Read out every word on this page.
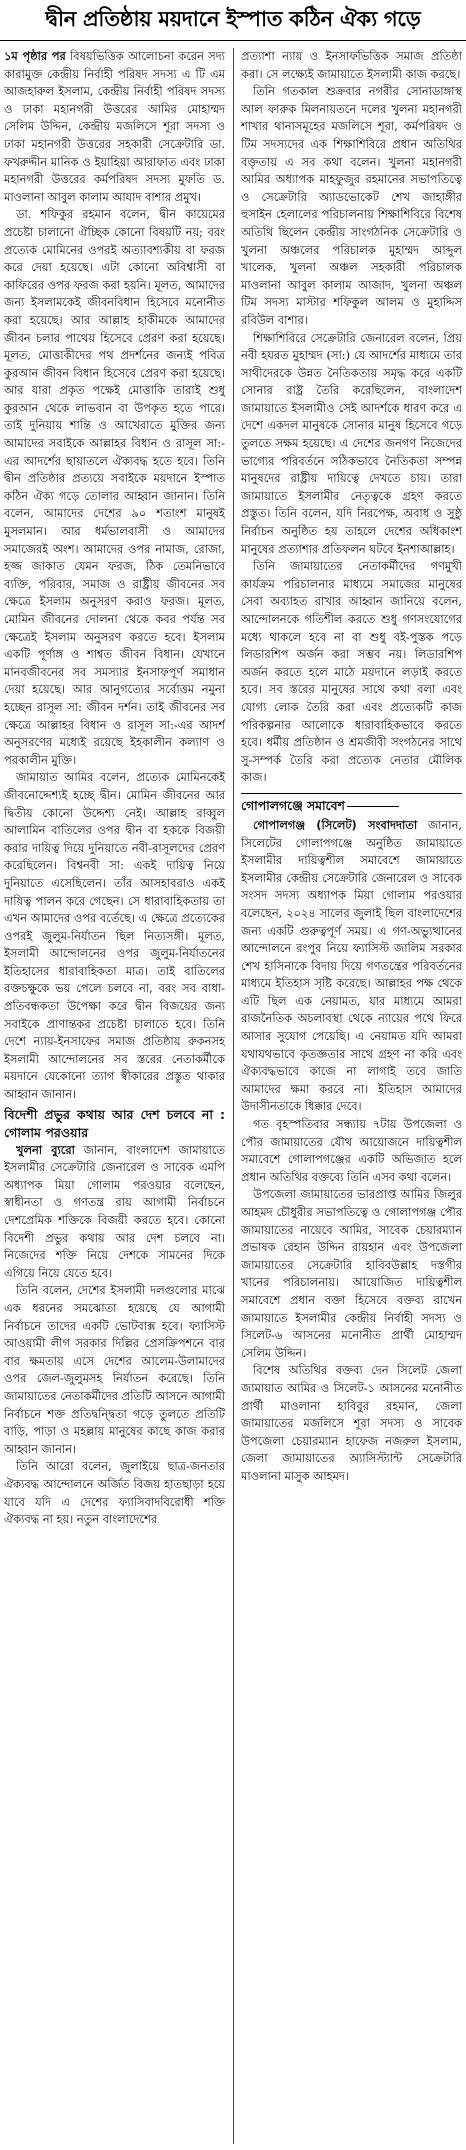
দ্বীন প্রতিষ্ঠায় ময়দানে ইস্পাত কঠিন ঐক্য গড়ে

১ম পৃষ্ঠার পর বিষয়ভিত্তিক আলোচনা করেন সদ্য কারামুক্ত কেন্দ্রীয় নির্বাহী পরিষদ সদস্য এ টি এম আজহারুল ইসলাম, কেন্দ্রীয় নির্বাহী পরিষদ সদস্য ও ঢাকা মহানগরী উত্তরের আমির মোহাম্মদ সেলিম উদ্দিন, কেন্দ্রীয় মজলিসে শূরা সদস্য ও ঢাকা মহানগরী উত্তরের সহকারী সেক্রেটারি ডা. ফখরুদ্দীন মানিক ও ইয়াহিয়া আরাফাত এবং ঢাকা মহানগরী উত্তরের কর্মপরিষদ সদস্য মুফতি ড. মাওলানা আবুল কালাম আযাদ বাশার প্রমুখ।

ডা. শফিকুর রহমান বলেন, দ্বীন কায়েমের প্রচেষ্টা চালানো ঐচ্ছিক কোনো বিষয়টি নয়; বরং প্রত্যেক মোমিনের ওপরই অত্যাবশ্যকীয় বা ফরজ করে দেয়া হয়েছে। এটা কোনো অবিশ্বাসী বা কাফিরের ওপর ফরজ করা হয়নি। মূলত, আমাদের জন্য ইসলামকেই জীবনবিধান হিসেবে মনোনীত করা হয়েছে। আর আল্লাহ হাকীমকে আমাদের জীবন চলার পাথেয় হিসেবে প্রেরণ করা হয়েছে। মূলত, মোত্তাকীদের পথ প্রদর্শনের জন্যই পবিত্র কুরআন জীবন বিধান হিসেবে প্রেরণ করা হয়েছে। আর যারা প্রকৃত পক্ষেই মোত্তাকি তারাই শুধু কুরআন থেকে লাভবান বা উপকৃত হতে পারে। তাই দুনিয়ায় শান্তি ও আখেরাতে মুক্তির জন্য আমাদের সবাইকে আল্লাহর বিধান ও রাসূল সা:-এর আদর্শের ছায়াতলে ঐক্যবদ্ধ হতে হবে। তিনি দ্বীন প্রতিষ্ঠার প্রত্যয়ে সবাইকে ময়দানে ইস্পাত কঠিন ঐক্য গড়ে তোলার আহ্বান জানান। তিনি বলেন, আমাদের দেশের ৯০ শতাংশ মানুষই মুসলমান। আর ধর্মভালবাসী ও আমাদের সমাজেরই অংশ। আমাদের ওপর নামাজ, রোজা, হজ্জ জাকাত যেমন ফরজ, ঠিক তেমনিভাবে ব্যক্তি, পরিবার, সমাজ ও রাষ্ট্রীয় জীবনের সব ক্ষেত্রে ইসলাম অনুসরণ করাও ফরজ। মূলত, মোমিন জীবনের দোলনা থেকে কবর পর্যন্ত সব ক্ষেত্রেই ইসলাম অনুসরণ করতে হবে। ইসলাম একটি পূর্ণাঙ্গ ও শাশ্বত জীবন বিধান। যেখানে মানবজীবনের সব সমস্যার ইনসাফপূর্ণ সমাধান দেয়া হয়েছে। আর আনুগত্যের সর্বোত্তম নমুনা হচ্ছেন রাসূল সা: জীবন দর্শন। তাই জীবনের সব ক্ষেত্রে আল্লাহর বিধান ও রাসূল সা:-এর আদর্শ অনুসরণের মধ্যেই রয়েছে ইহকালীন কল্যাণ ও পরকালীন মুক্তি।

জামায়াত আমির বলেন, প্রত্যেক মোমিনকেই জীবনোদ্দেশ্যই হচ্ছে দ্বীন। মোমিন জীবনের আর দ্বিতীয় কোনো উদ্দেশ্য নেই। আল্লাহ রাব্বুল আলামিন বাতিলের ওপর দ্বীন বা হককে বিজয়ী করার দায়িত্ব দিয়ে দুনিয়াতে নবী-রাসূলদের প্রেরণ করেছিলেন। বিশ্বনবী সা: একই দায়িত্ব নিয়ে দুনিয়াতে এসেছিলেন। তাঁর আসহাবরাও একই দায়িত্ব পালন করে গেছেন। সে ধারাবাহিকতায় তা এখন আমাদের ওপর বর্তেছে। এ ক্ষেত্রে প্রত্যেকের ওপরই জুলুম-নির্যাতন ছিল নিত্যসঙ্গী। মূলত, ইসলামী আন্দোলনের ওপর জুলুম-নির্যাতনের ইতিহাসের ধারাবাহিকতা মাত্র। তাই বাতিলের রক্তচক্ষুকে ভয় পেলে চলবে না, বরং সব বাধা-প্রতিবন্ধকতা উপেক্ষা করে দ্বীন বিজয়ের জন্য সবাইকে প্রাণান্তকর প্রচেষ্টা চালাতে হবে। তিনি দেশে ন্যায়-ইনসাফের সমাজ প্রতিষ্ঠায় রুকনসহ ইসলামী আন্দোলনের সব স্তরের নেতাকর্মীকে ময়দানে যেকোনো ত্যাগ স্বীকারের প্রস্তুত থাকার আহ্বান জানান।

বিদেশী প্রভুর কথায় আর দেশ চলবে না : গোলাম পরওয়ার

খুলনা ব্যুরো জানান, বাংলাদেশ জামায়াতে ইসলামীর সেক্রেটারি জেনারেল ও সাবেক এমপি অধ্যাপক মিয়া গোলাম পরওয়ার বলেছেন, স্বাধীনতা ও গণতন্ত্র রায় আগামী নির্বাচনে দেশপ্রেমিক শক্তিকে বিজয়ী করতে হবে। কোনো বিদেশী প্রভুর কথায় আর দেশ চলবে না। নিজেদের শক্তি নিয়ে দেশকে সামনের দিকে এগিয়ে নিয়ে যেতে হবে।

তিনি বলেন, দেশের ইসলামী দলগুলোর মাঝে এক ধরনের সমঝোতা হয়েছে যে আগামী নির্বাচনে তাদের একটি ভোটবাক্স হবে। ফ্যাসিস্ট আওয়ামী লীগ সরকার দিল্লির প্রেসক্রিপশনে বার বার ক্ষমতায় এসে দেশের আলেম-উলামাদের ওপর জেল-জুলুমসহ নির্যাতন করেছে। তিনি জামায়াতের নেতাকর্মীদের প্রতিটি আসনে আগামী নির্বাচনে শক্ত প্রতিদ্বন্দ্বিতা গড়ে তুলতে প্রতিটি বাড়ি, পাড়া ও মহল্লায় মানুষের কাছে কাজ করার আহ্বান জানান।

তিনি আরো বলেন, জুলাইয়ে ছাত্র-জনতার ঐক্যবদ্ধ আন্দোলনে অর্জিত বিজয় হাতছাড়া হয়ে যাবে যদি এ দেশের ফ্যাসিবাদবিরোধী শক্তি ঐক্যবদ্ধ না হয়। নতুন বাংলাদেশের

প্রত্যাশা ন্যায় ও ইনসাফভিত্তিক সমাজ প্রতিষ্ঠা করা। সে লক্ষ্যেই জামায়াতে ইসলামী কাজ করছে।

তিনি গতকাল শুক্রবার নগরীর সোনাডাঙ্গাস্থ আল ফারুক মিলনায়তনে দলের খুলনা মহানগরী শাখার থানাসমূহের মজলিসে শূরা, কর্মপরিষদ ও টিম সদস্যদের এক শিক্ষাশিবিরে প্রধান অতিথির বক্তৃতায় এ সব কথা বলেন। খুলনা মহানগরী আমির অধ্যাপক মাহফুজুর রহমানের সভাপতিত্বে ও সেক্রেটারি অ্যাডভোকেট শেখ জাহাঙ্গীর হুসাইন হেলালের পরিচালনায় শিক্ষাশিবিরে বিশেষ অতিথি ছিলেন কেন্দ্রীয় সাংগঠনিক সেক্রেটারি ও খুলনা অঞ্চলের পরিচালক মুহাম্মদ আব্দুল খালেক, খুলনা অঞ্চল সহকারী পরিচালক মাওলানা আবুল কালাম আজাদ, খুলনা অঞ্চল টিম সদস্য মাস্টার শফিকুল আলম ও মুহাদ্দিস রবিউল বাশার।

শিক্ষাশিবিরে সেক্রেটারি জেনারেল বলেন, প্রিয় নবী হযরত মুহাম্মদ (সা:) যে আদর্শের মাধ্যমে তার সাথীদেরকে উন্নত নৈতিকতায় সমৃদ্ধ করে একটি সোনার রাষ্ট্র তৈরি করেছিলেন, বাংলাদেশ জামায়াতে ইসলামীও সেই আদর্শকে ধারণ করে এ দেশে একদল মানুষকে সোনার মানুষ হিসেবে গড়ে তুলতে সক্ষম হয়েছে। এ দেশের জনগণ নিজেদের ভাগ্যের পরিবর্তনে সঠিকভাবে নৈতিকতা সম্পন্ন মানুষদের রাষ্ট্রীয় দায়িত্বে দেখতে চায়। তারা জামায়াতে ইসলামীর নেতৃত্বকে গ্রহণ করতে প্রস্তুত। তিনি বলেন, যদি নিরপেক্ষ, অবাধ ও সুষ্ঠু নির্বাচন অনুষ্ঠিত হয় তাহলে দেশের অধিকাংশ মানুষের প্রত্যাশার প্রতিফলন ঘটবে ইনশাআল্লাহ।

তিনি জামায়াতের নেতাকর্মীদের গণমুখী কার্যক্রম পরিচালনার মাধ্যমে সমাজের মানুষের সেবা অব্যাহত রাখার আহ্বান জানিয়ে বলেন, আন্দোলনকে গতিশীল করতে শুধু গণসংযোগের মধ্যে থাকলে হবে না বা শুধু বই-পুস্তক পড়ে লিডারশিপ অর্জন করা সম্ভব নয়। লিডারশিপ অর্জন করতে হলে মাঠে ময়দানে লড়াই করতে হবে। সব স্তরের মানুষের সাথে কথা বলা এবং যোগ্য লোক তৈরি করা এবং প্রত্যেকটি কাজ পরিকল্পনার আলোকে ধারাবাহিকভাবে করতে হবে। ধর্মীয় প্রতিষ্ঠান ও শ্রমজীবী সংগঠনের সাথে সু-সম্পর্ক তৈরি করা প্রত্যেক নেতার মৌলিক কাজ।

গোপালগঞ্জে সমাবেশ

গোপালগঞ্জ (সিলেট) সংবাদদাতা জানান, সিলেটের গোলাপগঞ্জে অনুষ্ঠিত জামায়াতে ইসলামীর দায়িত্বশীল সমাবেশে জামায়াতে ইসলামীর কেন্দ্রীয় সেক্রেটারি জেনারেল ও সাবেক সংসদ সদস্য অধ্যাপক মিয়া গোলাম পরওয়ার বলেছেন, ২০২৪ সালের জুলাই ছিল বাংলাদেশের জন্য একটি গুরুত্বপূর্ণ সময়। এ গণ-অভ্যুত্থানের আন্দোলনে রংপুর নিয়ে ফ্যাসিস্ট জালিম সরকার শেখ হাসিনাকে বিদায় দিয়ে গণতন্ত্রের পরিবর্তনের মাধ্যমে ইতিহাস সৃষ্টি করেছে। আল্লাহর পক্ষ থেকে এটি ছিল এক নেয়ামত, যার মাধ্যমে আমরা রাজনৈতিক অচলাবস্থা থেকে ন্যায়ের পথে ফিরে আসার সুযোগ পেয়েছি। এ নেয়ামত যদি আমরা যথাযথভাবে কৃতজ্ঞতার সাথে গ্রহণ না করি এবং ঐক্যবদ্ধভাবে কাজে না লাগাই তবে জাতি আমাদের ক্ষমা করবে না। ইতিহাস আমাদের উদাসীনতাকে ধিক্কার দেবে।

গত বৃহস্পতিবার সন্ধ্যায় ৭টায় উপজেলা ও পৌর জামায়াতের যৌথ আয়োজনে দায়িত্বশীল সমাবেশে গোলাপগঞ্জের একটি অভিজাত হলে প্রধান অতিথির বক্তব্যে তিনি এসব কথা বলেন।

উপজেলা জামায়াতের ভারপ্রাপ্ত আমির জিলুর আহমদ চৌধুরীর সভাপতিত্বে ও গোলাপগঞ্জ পৌর জামায়াতের নায়েবে আমির, সাবেক চেয়ারম্যান প্রভাষক রেহান উদ্দিন রায়হান এবং উপজেলা জামায়াতের সেক্রেটারি হাবিবউল্লাহ দস্তগীর খানের পরিচালনায়। আয়োজিত দায়িত্বশীল সমাবেশে প্রধান বক্তা হিসেবে বক্তব্য রাখেন জামায়াতে ইসলামীর কেন্দ্রীয় নির্বাহী সদস্য ও সিলেট-৬ আসনের মনোনীত প্রার্থী মোহাম্মদ সেলিম উদ্দিন।

বিশেষ অতিথির বক্তব্য দেন সিলেট জেলা জামায়াত আমির ও সিলেট-১ আসনের মনোনীত প্রার্থী মাওলানা হাবিবুর রহমান, জেলা জামায়াতের মজলিসে শূরা সদস্য ও সাবেক উপজেলা চেয়ারম্যান হাফেজ নজরুল ইসলাম, জেলা জামায়াতের অ্যাসিস্ট্যান্ট সেক্রেটারি মাওলানা মাসুক আহমদ।
